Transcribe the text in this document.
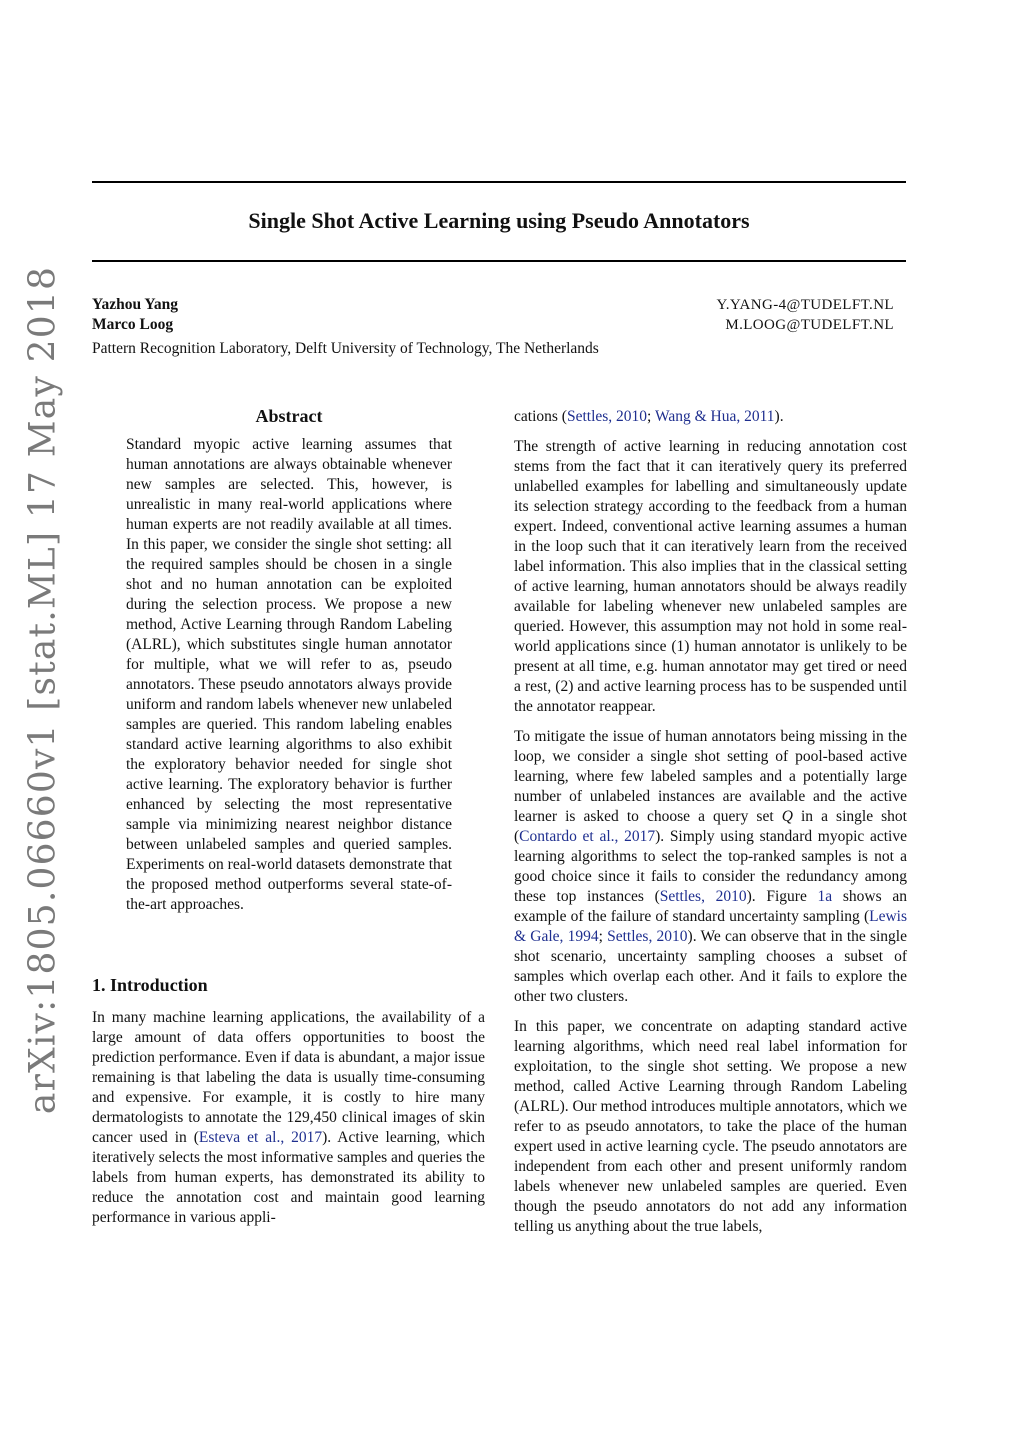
Single Shot Active Learning using Pseudo Annotators
Yazhou Yang	Y.YANG-4@TUDELFT.NL
Marco Loog	M.LOOG@TUDELFT.NL
Pattern Recognition Laboratory, Delft University of Technology, The Netherlands
arXiv:1805.06660v1 [stat.ML] 17 May 2018	Abstract

Standard myopic active learning assumes that human annotations are always obtainable whenever new samples are selected. This, however, is unrealistic in many real-world applications where human experts are not readily available at all times. In this paper, we consider the single shot setting: all the required samples should be chosen in a single shot and no human annotation can be exploited during the selection process. We propose a new method, Active Learning through Random Labeling (ALRL), which substitutes single human annotator for multiple, what we will refer to as, pseudo annotators. These pseudo annotators always provide uniform and random labels whenever new unlabeled samples are queried. This random labeling enables standard active learning algorithms to also exhibit the exploratory behavior needed for single shot active learning. The exploratory behavior is further enhanced by selecting the most representative sample via minimizing nearest neighbor distance between unlabeled samples and queried samples. Experiments on real-world datasets demonstrate that the proposed method outperforms several state-of-the-art approaches.

1. Introduction

In many machine learning applications, the availability of a large amount of data offers opportunities to boost the prediction performance. Even if data is abundant, a major issue remaining is that labeling the data is usually time-consuming and expensive. For example, it is costly to hire many dermatologists to annotate the 129,450 clinical images of skin cancer used in (Esteva et al., 2017). Active learning, which iteratively selects the most informative samples and queries the labels from human experts, has demonstrated its ability to reduce the annotation cost and maintain good learning performance in various appli-

cations (Settles, 2010; Wang & Hua, 2011).

The strength of active learning in reducing annotation cost stems from the fact that it can iteratively query its preferred unlabelled examples for labelling and simultaneously update its selection strategy according to the feedback from a human expert. Indeed, conventional active learning assumes a human in the loop such that it can iteratively learn from the received label information. This also implies that in the classical setting of active learning, human annotators should be always readily available for labeling whenever new unlabeled samples are queried. However, this assumption may not hold in some real-world applications since (1) human annotator is unlikely to be present at all time, e.g. human annotator may get tired or need a rest, (2) and active learning process has to be suspended until the annotator reappear.

To mitigate the issue of human annotators being missing in the loop, we consider a single shot setting of pool-based active learning, where few labeled samples and a potentially large number of unlabeled instances are available and the active learner is asked to choose a query set Q in a single shot (Contardo et al., 2017). Simply using standard myopic active learning algorithms to select the top-ranked samples is not a good choice since it fails to consider the redundancy among these top instances (Settles, 2010). Figure 1a shows an example of the failure of standard uncertainty sampling (Lewis & Gale, 1994; Settles, 2010). We can observe that in the single shot scenario, uncertainty sampling chooses a subset of samples which overlap each other. And it fails to explore the other two clusters.

In this paper, we concentrate on adapting standard active learning algorithms, which need real label information for exploitation, to the single shot setting. We propose a new method, called Active Learning through Random Labeling (ALRL). Our method introduces multiple annotators, which we refer to as pseudo annotators, to take the place of the human expert used in active learning cycle. The pseudo annotators are independent from each other and present uniformly random labels whenever new unlabeled samples are queried. Even though the pseudo annotators do not add any information telling us anything about the true labels,
